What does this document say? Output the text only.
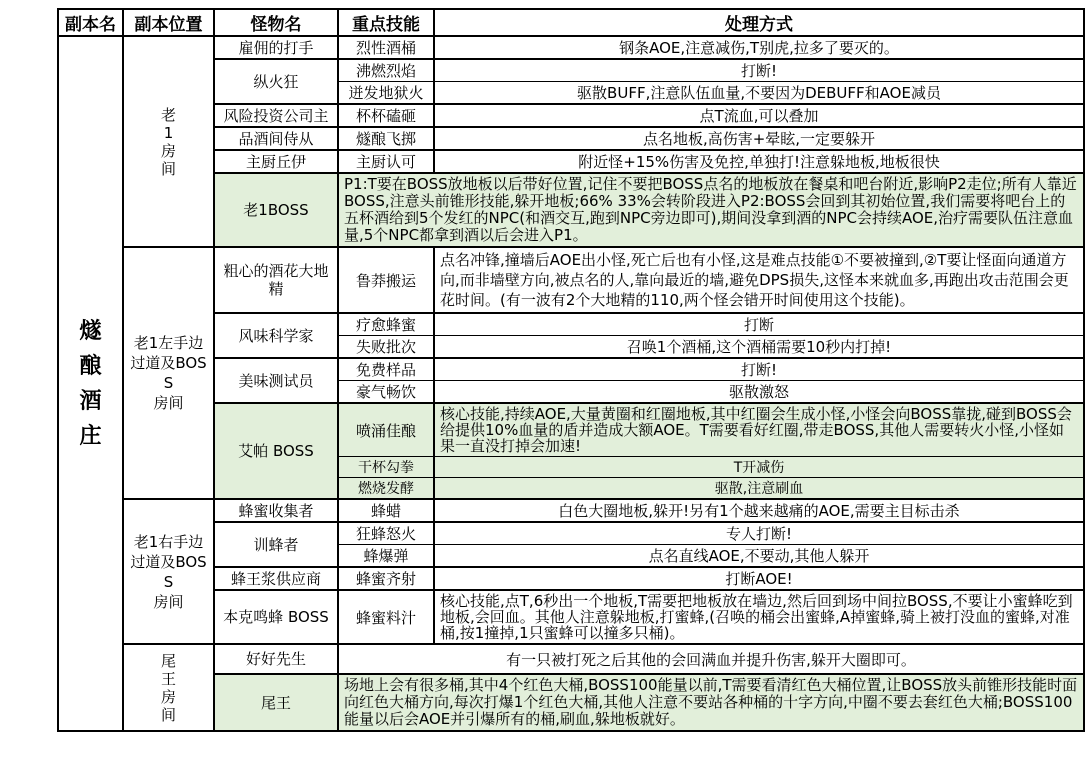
副本名	副本位置	怪物名	重点技能	处理方式

燧
酿
酒
庄

老
1
房
间
	雇佣的打手	烈性酒桶	钢条AOE,注意减伤,T别虎,拉多了要灭的。
		纵火狂	沸燃烈焰	打断!
			迸发地狱火	驱散BUFF,注意队伍血量,不要因为DEBUFF和AOE减员
		风险投资公司主	杯杯磕砸	点T流血,可以叠加
		品酒间侍从	燧酿飞掷	点名地板,高伤害+晕眩,一定要躲开
		主厨丘伊	主厨认可	附近怪+15%伤害及免控,单独打!注意躲地板,地板很快
		老1BOSS	P1:T要在BOSS放地板以后带好位置,记住不要把BOSS点名的地板放在餐桌和吧台附近,影响P2走位;所有人靠近BOSS,注意头前锥形技能,躲开地板;66% 33%会转阶段进入P2:BOSS会回到其初始位置,我们需要将吧台上的五杯酒给到5个发红的NPC(和酒交互,跑到NPC旁边即可),期间没拿到酒的NPC会持续AOE,治疗需要队伍注意血量,5个NPC都拿到酒以后会进入P1。	

	老1左手边
过道及BOSS
房间	粗心的酒花大地精	鲁莽搬运	点名冲锋,撞墙后AOE出小怪,死亡后也有小怪,这是难点技能①不要被撞到,②T要让怪面向通道方向,而非墙壁方向,被点名的人,靠向最近的墙,避免DPS损失,这怪本来就血多,再跑出攻击范围会更花时间。(有一波有2个大地精的110,两个怪会错开时间使用这个技能)。
		风味科学家	疗愈蜂蜜	打断
			失败批次	召唤1个酒桶,这个酒桶需要10秒内打掉!
		美味测试员	免费样品	打断!
			豪气畅饮	驱散激怒
		艾帕 BOSS	喷涌佳酿	核心技能,持续AOE,大量黄圈和红圈地板,其中红圈会生成小怪,小怪会向BOSS靠拢,碰到BOSS会给提供10%血量的盾并造成大额AOE。T需要看好红圈,带走BOSS,其他人需要转火小怪,小怪如果一直没打掉会加速!
			干杯勾拳	T开减伤
			燃烧发酵	驱散,注意刷血

	老1右手边
过道及BOSS
房间	蜂蜜收集者	蜂蜡	白色大圈地板,躲开!另有1个越来越痛的AOE,需要主目标击杀
		训蜂者	狂蜂怒火	专人打断!
			蜂爆弹	点名直线AOE,不要动,其他人躲开
		蜂王浆供应商	蜂蜜齐射	打断AOE!
		本克鸣蜂 BOSS	蜂蜜料汁	核心技能,点T,6秒出一个地板,T需要把地板放在墙边,然后回到场中间拉BOSS,不要让小蜜蜂吃到地板,会回血。其他人注意躲地板,打蜜蜂,(召唤的桶会出蜜蜂,A掉蜜蜂,骑上被打没血的蜜蜂,对准桶,按1撞掉,1只蜜蜂可以撞多只桶)。

	尾
王
房
间	好好先生	有一只被打死之后其他的会回满血并提升伤害,躲开大圈即可。	
		尾王	场地上会有很多桶,其中4个红色大桶,BOSS100能量以前,T需要看清红色大桶位置,让BOSS放头前锥形技能时面向红色大桶方向,每次打爆1个红色大桶,其他人注意不要站各种桶的十字方向,中圈不要去套红色大桶;BOSS100 能量以后会AOE并引爆所有的桶,刷血,躲地板就好。	
